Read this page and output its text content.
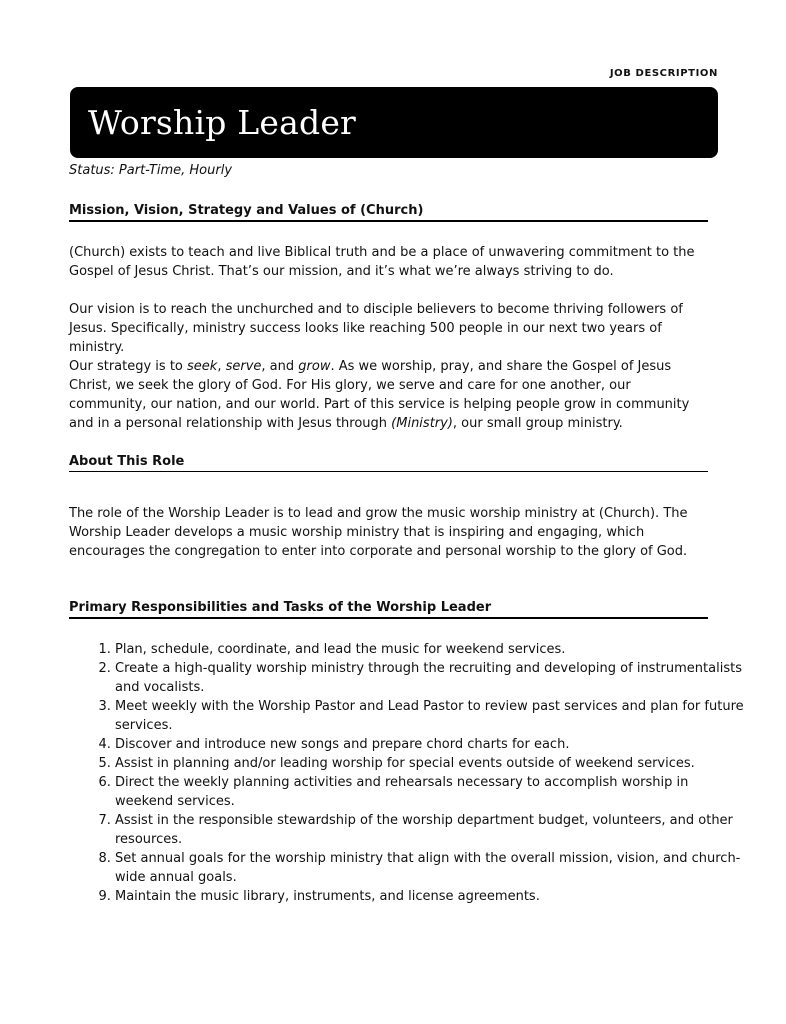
JOB DESCRIPTION
Worship Leader
Status: Part-Time, Hourly
Mission, Vision, Strategy and Values of (Church)

(Church) exists to teach and live Biblical truth and be a place of unwavering commitment to the Gospel of Jesus Christ. That’s our mission, and it’s what we’re always striving to do.

Our vision is to reach the unchurched and to disciple believers to become thriving followers of Jesus. Specifically, ministry success looks like reaching 500 people in our next two years of ministry.

Our strategy is to seek, serve, and grow. As we worship, pray, and share the Gospel of Jesus Christ, we seek the glory of God. For His glory, we serve and care for one another, our community, our nation, and our world. Part of this service is helping people grow in community and in a personal relationship with Jesus through (Ministry), our small group ministry.

About This Role

The role of the Worship Leader is to lead and grow the music worship ministry at (Church). The Worship Leader develops a music worship ministry that is inspiring and engaging, which encourages the congregation to enter into corporate and personal worship to the glory of God.

Primary Responsibilities and Tasks of the Worship Leader
1. Plan, schedule, coordinate, and lead the music for weekend services.
2. Create a high-quality worship ministry through the recruiting and developing of instrumentalists and vocalists.
3. Meet weekly with the Worship Pastor and Lead Pastor to review past services and plan for future services.
4. Discover and introduce new songs and prepare chord charts for each.
5. Assist in planning and/or leading worship for special events outside of weekend services.
6. Direct the weekly planning activities and rehearsals necessary to accomplish worship in weekend services.
7. Assist in the responsible stewardship of the worship department budget, volunteers, and other resources.
8. Set annual goals for the worship ministry that align with the overall mission, vision, and church-wide annual goals.
9. Maintain the music library, instruments, and license agreements.
